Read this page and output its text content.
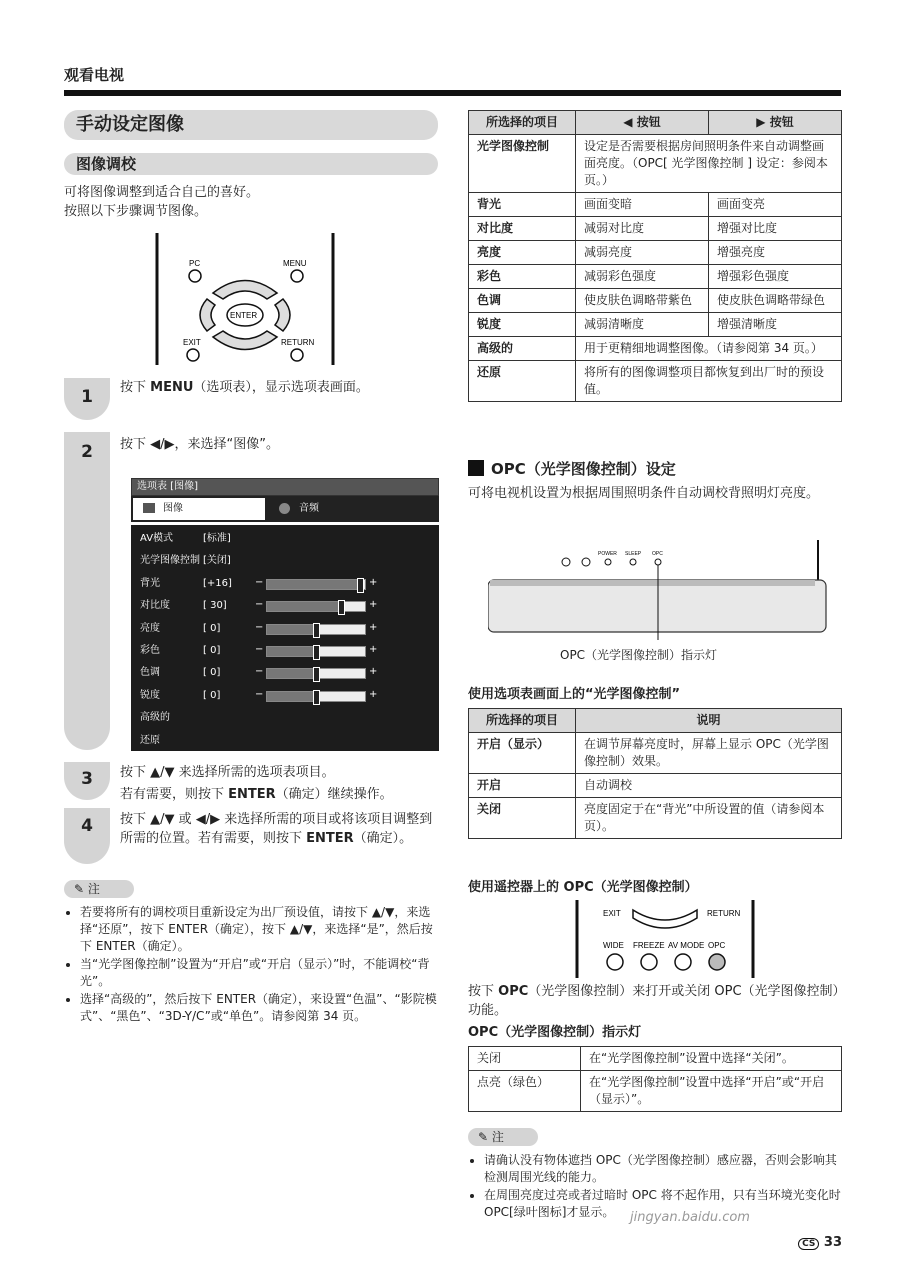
观看电视
手动设定图像
图像调校
可将图像调整到适合自己的喜好。
按照以下步骤调节图像。
PC	MENU
ENTER
EXIT	RETURN
1	按下 MENU（选项表），显示选项表画面。
2	按下 ◀/▶，来选择“图像”。
选项表 [图像]
图像	音频
AV模式	[标准]
光学图像控制 [关闭]
背光	[+16] −	+
对比度	[ 30]	−	+
亮度	[ 0]	−	+
彩色	[ 0]	−	+
色调	[ 0]	−	+
锐度	[ 0]	−	+
高级的
还原
3	按下 ▲/▼ 来选择所需的选项表项目。
若有需要，则按下 ENTER（确定）继续操作。
4	按下 ▲/▼ 或 ◀/▶ 来选择所需的项目或将该项目调整到所需的位置。若有需要，则按下 ENTER（确定）。
✎ 注
• 若要将所有的调校项目重新设定为出厂预设值，请按下 ▲/▼，来选择“还原”，按下 ENTER（确定），按下 ▲/▼，来选择“是”，然后按下 ENTER（确定）。
• 当“光学图像控制”设置为“开启”或“开启（显示）”时，不能调校“背光”。
• 选择“高级的”，然后按下 ENTER（确定），来设置“色温”、“影院模式”、“黑色”、“3D-Y/C”或“单色”。请参阅第 34 页。
所选择的项目	◀ 按钮	▶ 按钮
光学图像控制	设定是否需要根据房间照明条件来自动调整画面亮度。（OPC[ 光学图像控制 ] 设定：参阅本页。）	
背光	画面变暗	画面变亮
对比度	减弱对比度	增强对比度
亮度	减弱亮度	增强亮度
彩色	减弱彩色强度	增强彩色强度
色调	使皮肤色调略带紫色	使皮肤色调略带绿色
锐度	减弱清晰度	增强清晰度
高级的	用于更精细地调整图像。（请参阅第 34 页。）	
还原	将所有的图像调整项目都恢复到出厂时的预设值。	
OPC（光学图像控制）设定
可将电视机设置为根据周围照明条件自动调校背照明灯亮度。
POWER SLEEP OPC
OPC（光学图像控制）指示灯
使用选项表画面上的“光学图像控制”
所选择的项目	说明
开启（显示）	在调节屏幕亮度时，屏幕上显示 OPC（光学图像控制）效果。
开启	自动调校
关闭	亮度固定于在“背光”中所设置的值（请参阅本页）。
使用遥控器上的 OPC（光学图像控制）
EXIT	RETURN
WIDE FREEZE AV MODE OPC
按下 OPC（光学图像控制）来打开或关闭 OPC（光学图像控制）功能。
OPC（光学图像控制）指示灯
关闭	在“光学图像控制”设置中选择“关闭”。
点亮（绿色）	在“光学图像控制”设置中选择“开启”或“开启（显示）”。
✎ 注
• 请确认没有物体遮挡 OPC（光学图像控制）感应器，否则会影响其检测周围光线的能力。
• 在周围亮度过亮或者过暗时 OPC 将不起作用，只有当环境光变化时OPC[绿叶图标]才显示。	jingyan.baidu.com
CS 33
